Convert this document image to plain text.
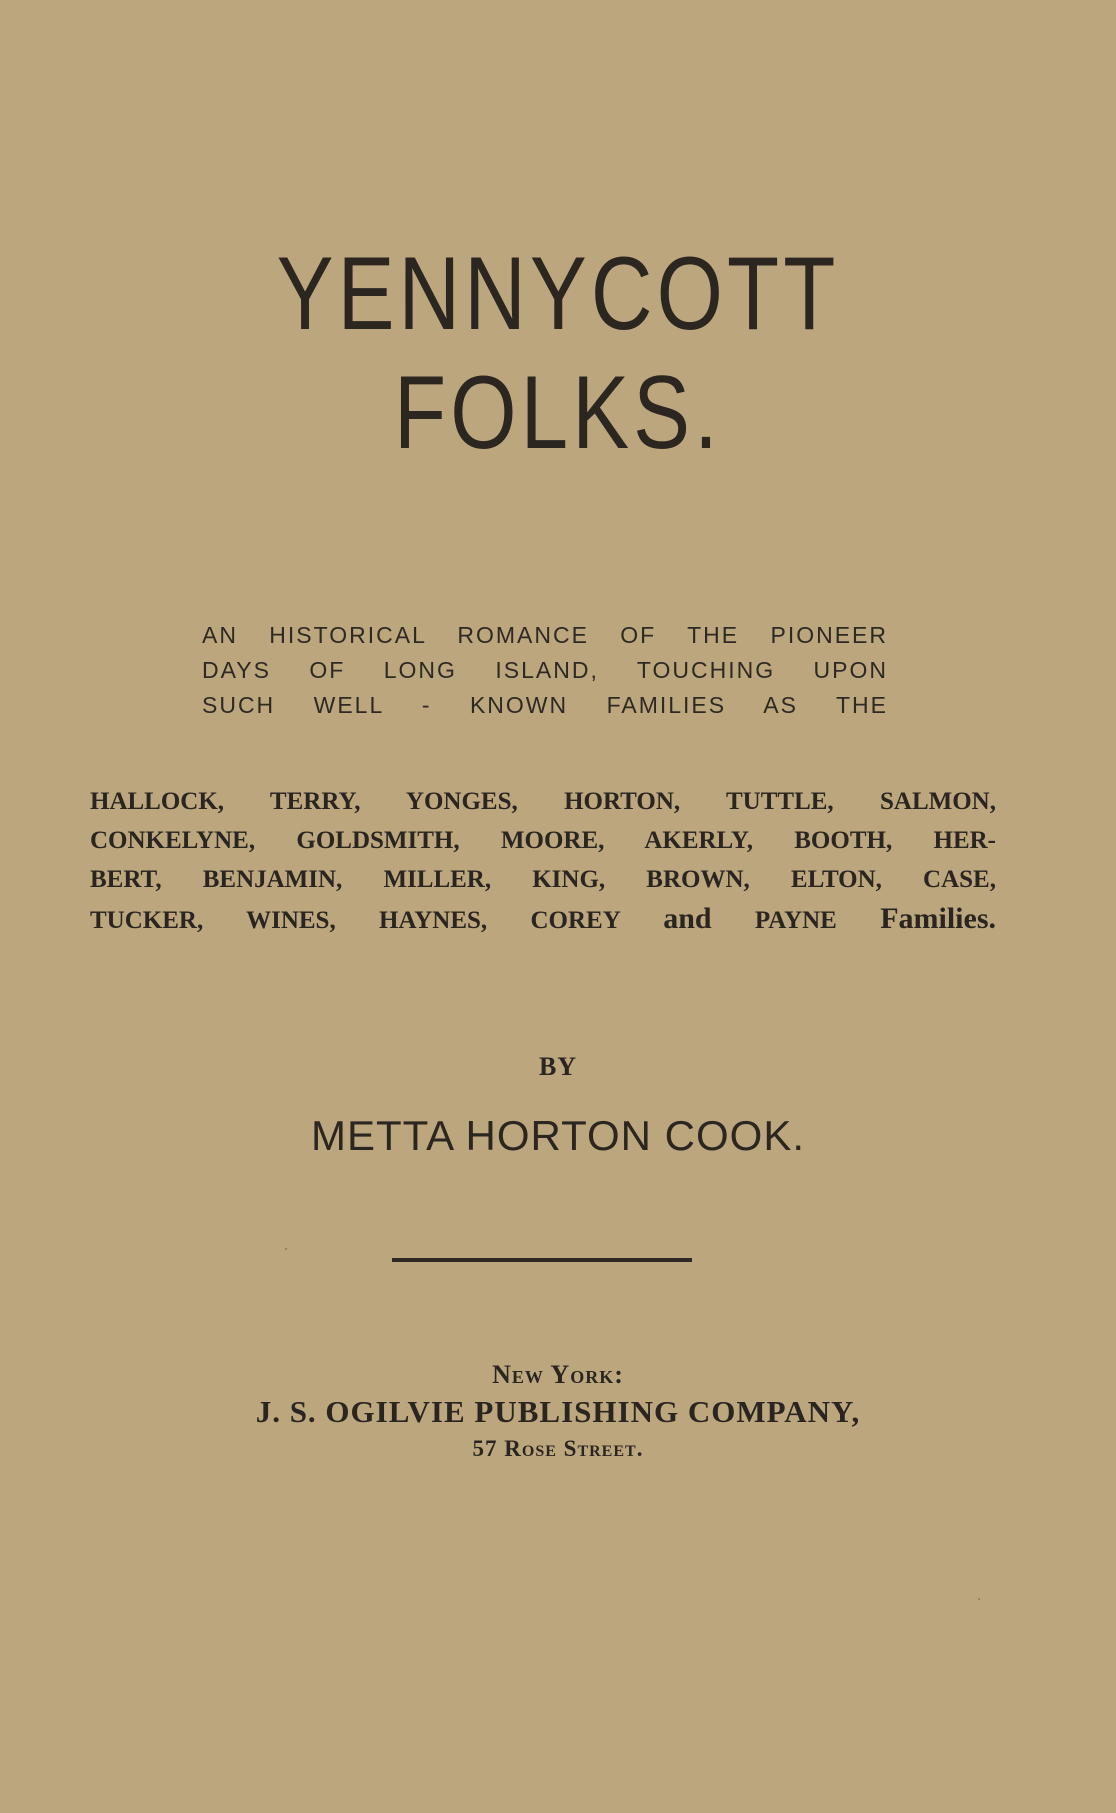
YENNYCOTT FOLKS.
AN HISTORICAL ROMANCE OF THE PIONEER
DAYS OF LONG ISLAND, TOUCHING UPON
SUCH WELL - KNOWN FAMILIES AS THE
HALLOCK, TERRY, YONGES, HORTON, TUTTLE, SALMON,
CONKELYNE, GOLDSMITH, MOORE, AKERLY, BOOTH, HER-
BERT, BENJAMIN, MILLER, KING, BROWN, ELTON, CASE,
TUCKER, WINES, HAYNES, COREY and PAYNE Families.
BY
METTA HORTON COOK.
New York:
J. S. OGILVIE PUBLISHING COMPANY,
57 Rose Street.
